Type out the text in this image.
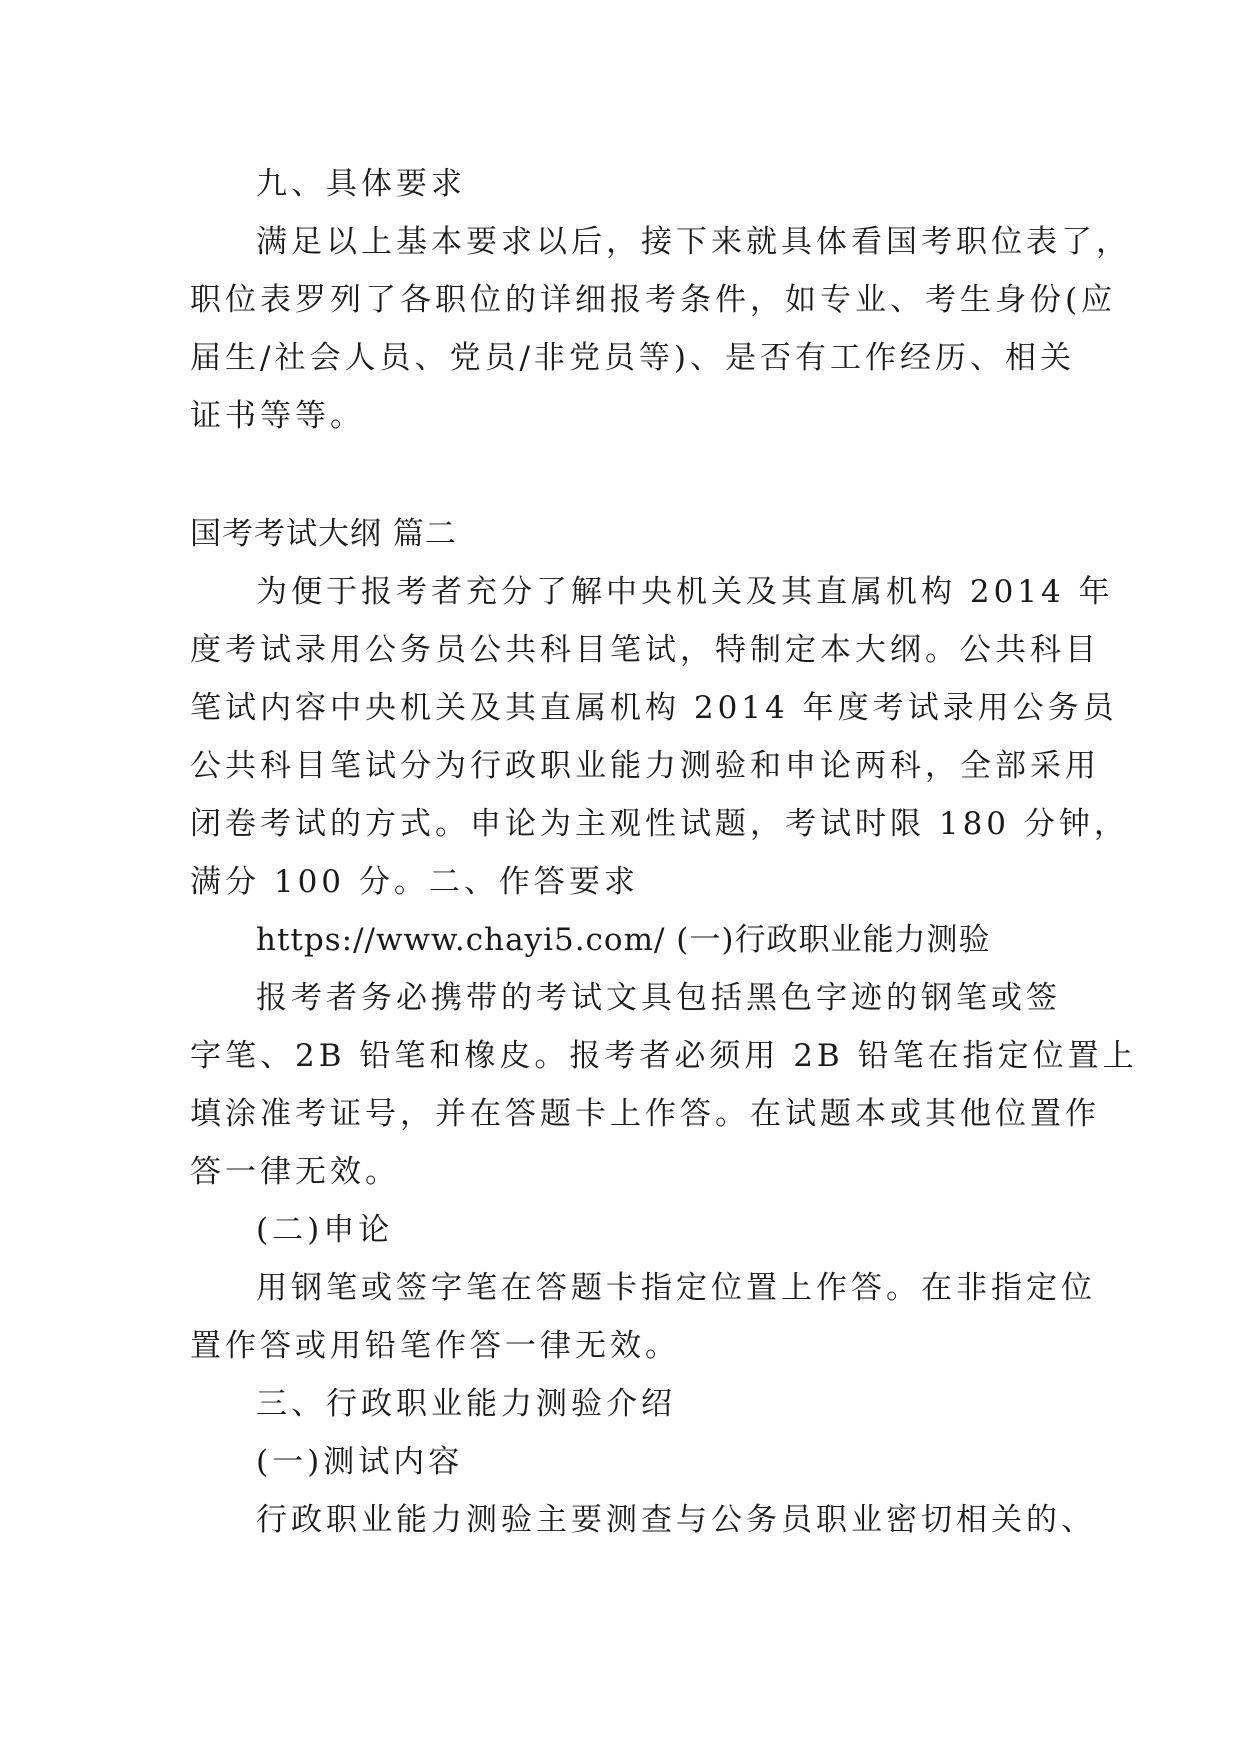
九、具体要求
满足以上基本要求以后，接下来就具体看国考职位表了，
职位表罗列了各职位的详细报考条件，如专业、考生身份(应
届生/社会人员、党员/非党员等)、是否有工作经历、相关
证书等等。
国考考试大纲 篇二
为便于报考者充分了解中央机关及其直属机构 2014 年
度考试录用公务员公共科目笔试，特制定本大纲。公共科目
笔试内容中央机关及其直属机构 2014 年度考试录用公务员
公共科目笔试分为行政职业能力测验和申论两科，全部采用
闭卷考试的方式。申论为主观性试题，考试时限 180 分钟，
满分 100 分。二、作答要求
https://www.chayi5.com/ (一)行政职业能力测验
报考者务必携带的考试文具包括黑色字迹的钢笔或签
字笔、2B 铅笔和橡皮。报考者必须用 2B 铅笔在指定位置上
填涂准考证号，并在答题卡上作答。在试题本或其他位置作
答一律无效。
(二)申论
用钢笔或签字笔在答题卡指定位置上作答。在非指定位
置作答或用铅笔作答一律无效。
三、行政职业能力测验介绍
(一)测试内容
行政职业能力测验主要测查与公务员职业密切相关的、
